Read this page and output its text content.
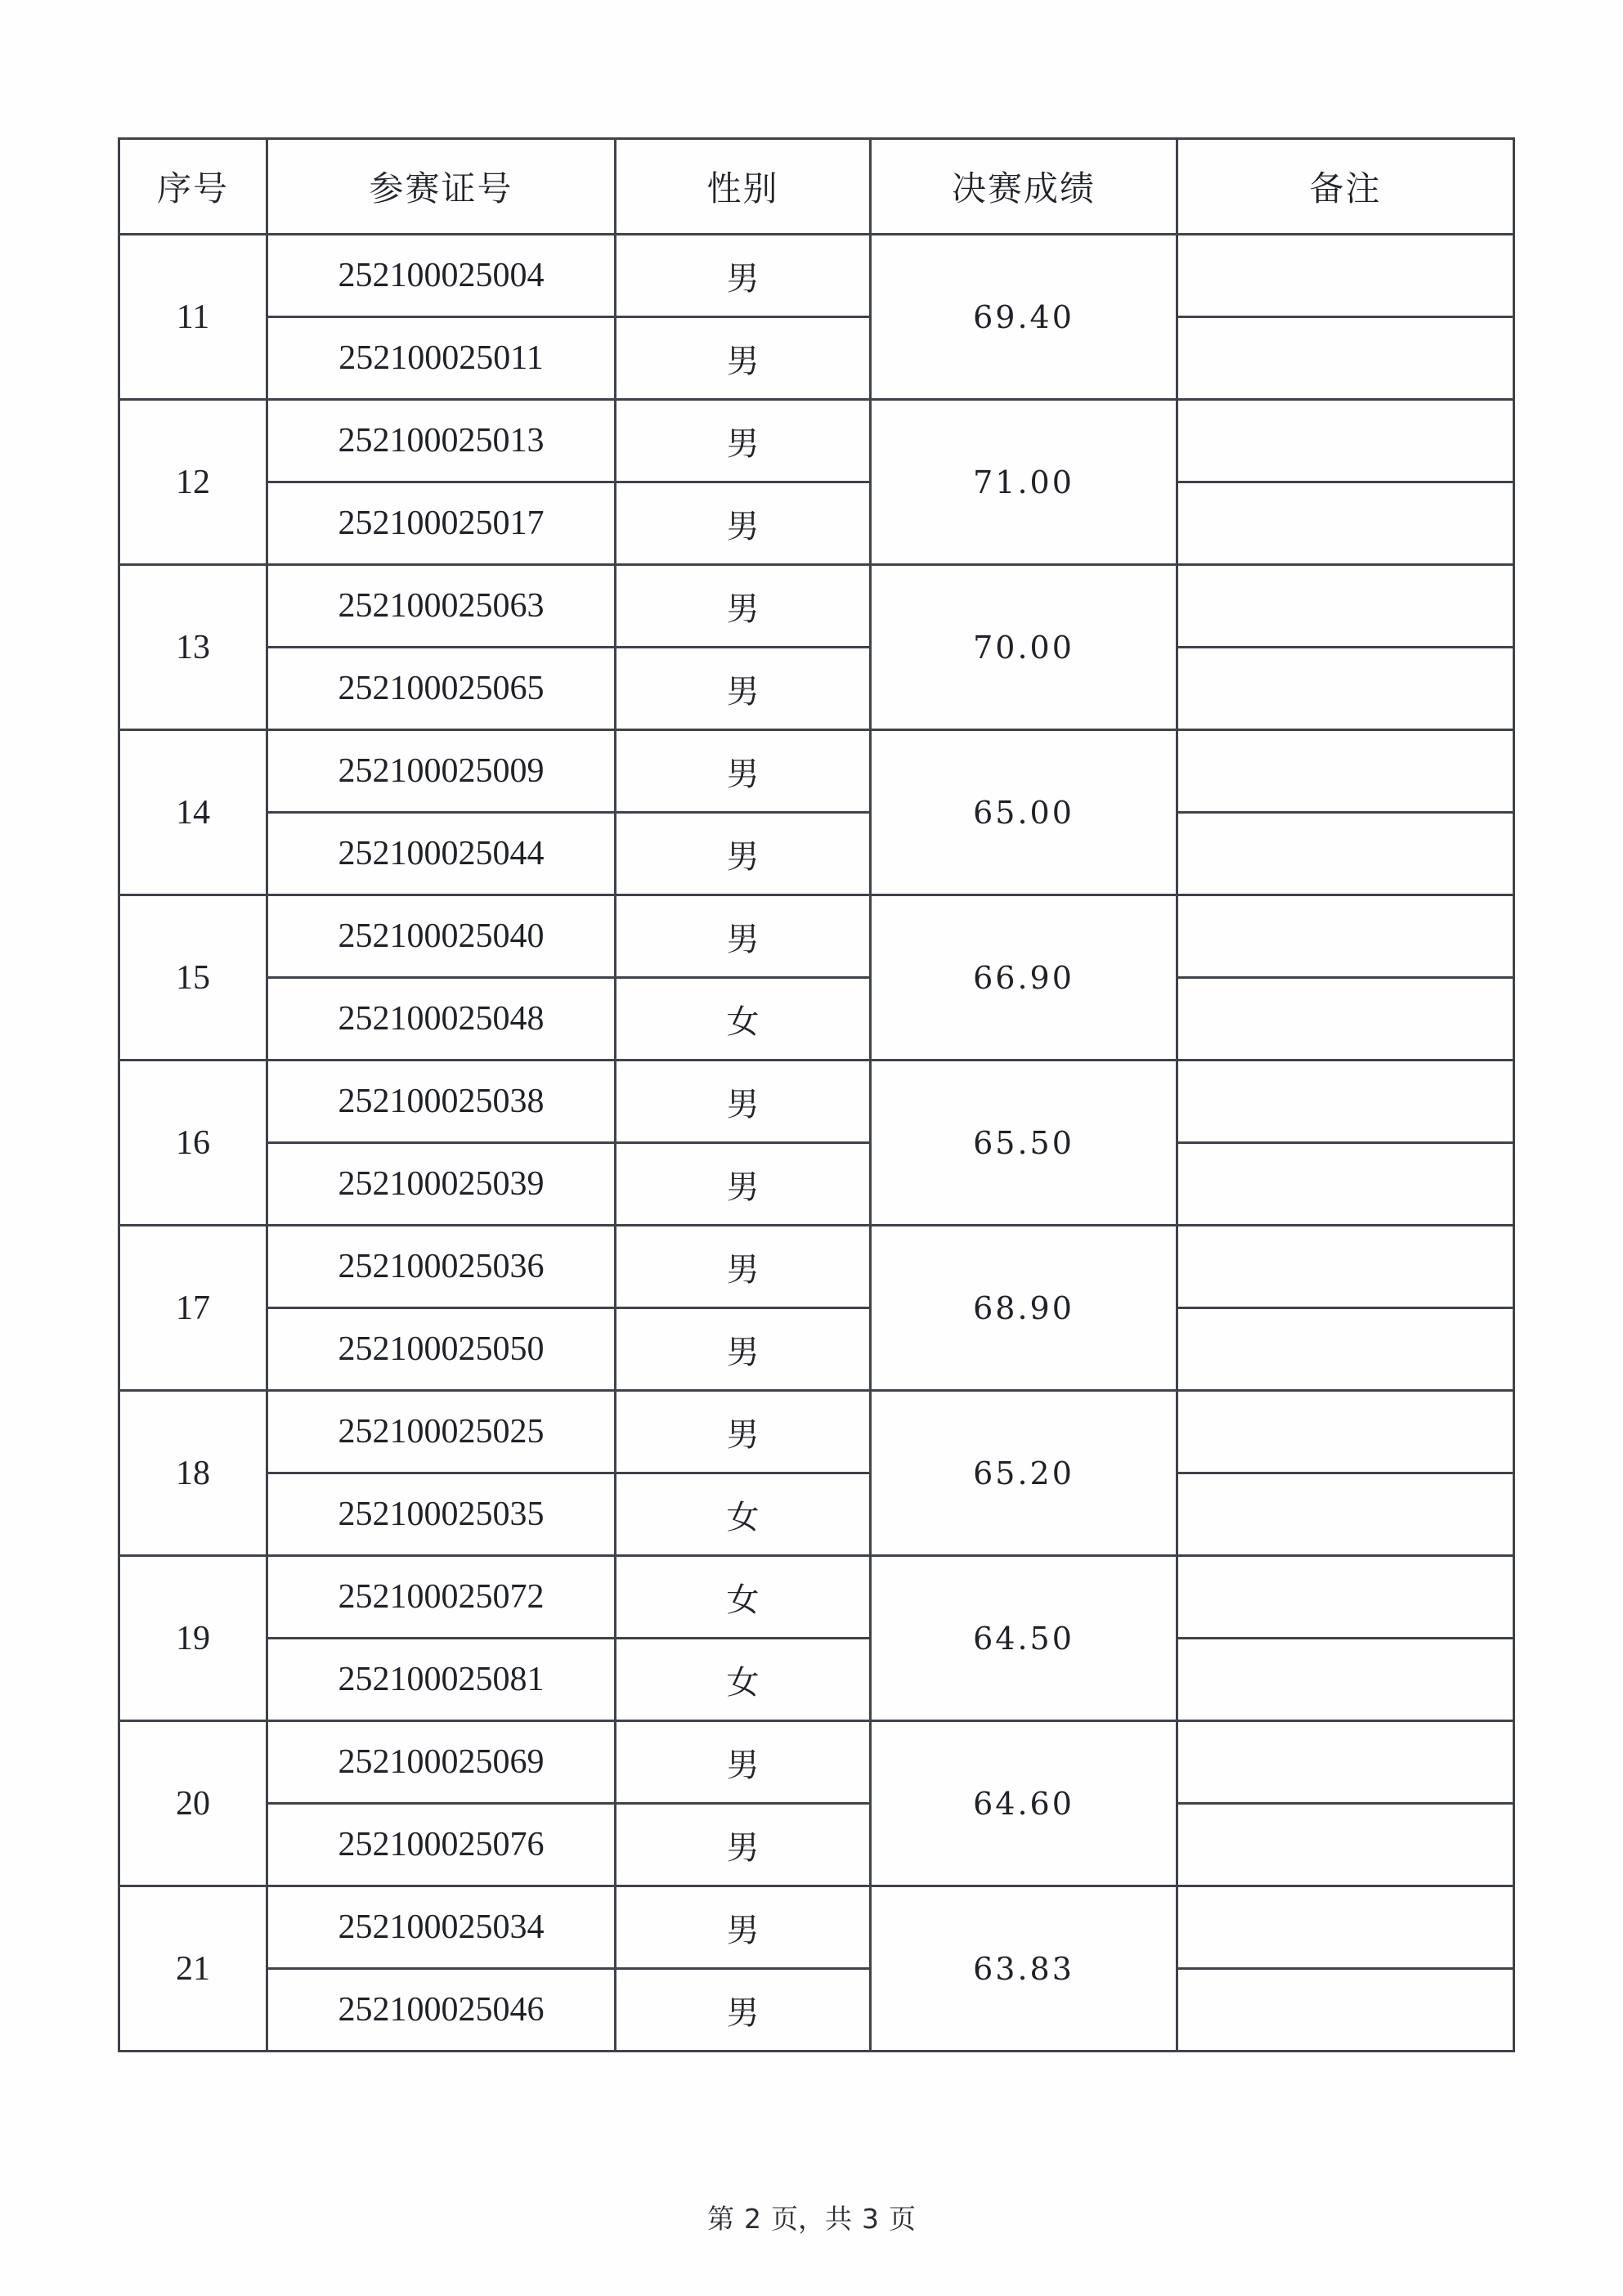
序号	参赛证号	性别	决赛成绩	备注
11	252100025004	男	69.40	
	252100025011	男		
12	252100025013	男	71.00	
	252100025017	男		
13	252100025063	男	70.00	
	252100025065	男		
14	252100025009	男	65.00	
	252100025044	男		
15	252100025040	男	66.90	
	252100025048	女		
16	252100025038	男	65.50	
	252100025039	男		
17	252100025036	男	68.90	
	252100025050	男		
18	252100025025	男	65.20	
	252100025035	女		
19	252100025072	女	64.50	
	252100025081	女		
20	252100025069	男	64.60	
	252100025076	男		
21	252100025034	男	63.83	
	252100025046	男		
第 2 页，共 3 页
